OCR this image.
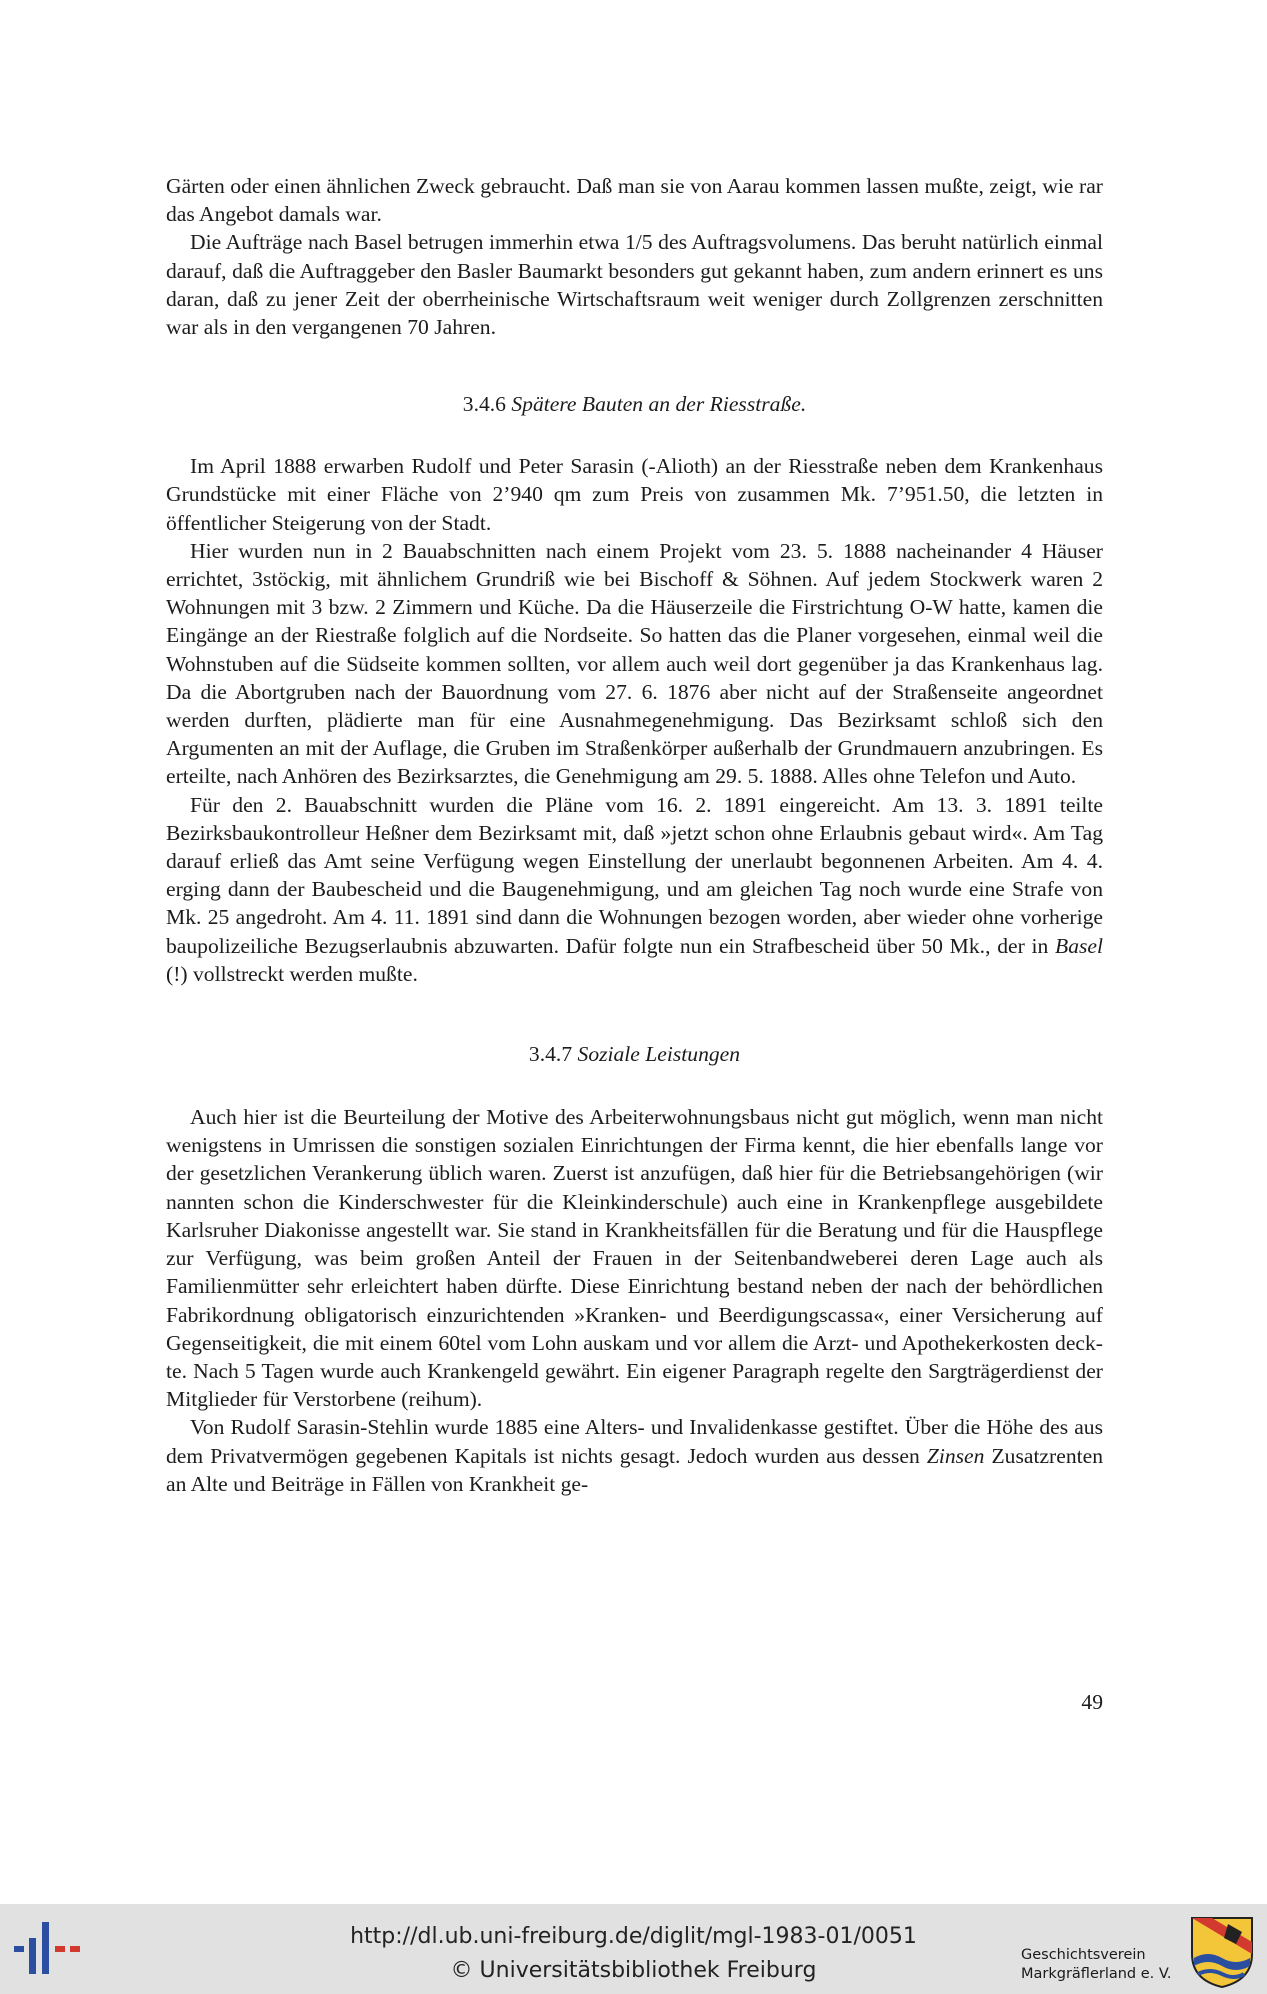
Gärten oder einen ähnlichen Zweck gebraucht. Daß man sie von Aarau kommen lassen mußte, zeigt, wie rar das Angebot damals war.

Die Aufträge nach Basel betrugen immerhin etwa 1/5 des Auftragsvolumens. Das beruht natürlich einmal darauf, daß die Auftraggeber den Basler Baumarkt besonders gut gekannt haben, zum andern erinnert es uns daran, daß zu jener Zeit der oberrheinische Wirtschaftsraum weit weniger durch Zollgrenzen zerschnitten war als in den vergangenen 70 Jahren.

3.4.6 Spätere Bauten an der Riesstraße.

Im April 1888 erwarben Rudolf und Peter Sarasin (-Alioth) an der Riesstraße neben dem Krankenhaus Grundstücke mit einer Fläche von 2’940 qm zum Preis von zusammen Mk. 7’951.50, die letzten in öffentlicher Steigerung von der Stadt.

Hier wurden nun in 2 Bauabschnitten nach einem Projekt vom 23. 5. 1888 nacheinander 4 Häuser errichtet, 3stöckig, mit ähnlichem Grundriß wie bei Bischoff & Söhnen. Auf jedem Stockwerk waren 2 Wohnungen mit 3 bzw. 2 Zimmern und Küche. Da die Häuserzeile die Firstrichtung O-W hatte, kamen die Eingänge an der Riestraße folglich auf die Nordseite. So hatten das die Planer vorgesehen, einmal weil die Wohnstuben auf die Südseite kommen sollten, vor allem auch weil dort gegenüber ja das Krankenhaus lag. Da die Abortgruben nach der Bauordnung vom 27. 6. 1876 aber nicht auf der Straßenseite angeordnet werden durften, plädierte man für eine Ausnahmegenehmigung. Das Bezirksamt schloß sich den Argumenten an mit der Auflage, die Gruben im Straßenkörper außerhalb der Grundmauern anzubringen. Es erteilte, nach Anhören des Bezirksarztes, die Genehmigung am 29. 5. 1888. Alles ohne Telefon und Auto.

Für den 2. Bauabschnitt wurden die Pläne vom 16. 2. 1891 eingereicht. Am 13. 3. 1891 teilte Bezirksbaukontrolleur Heßner dem Bezirksamt mit, daß »jetzt schon ohne Erlaubnis gebaut wird«. Am Tag darauf erließ das Amt seine Verfügung wegen Einstellung der unerlaubt begonnenen Arbeiten. Am 4. 4. erging dann der Baubescheid und die Baugenehmigung, und am gleichen Tag noch wurde eine Strafe von Mk. 25 angedroht. Am 4. 11. 1891 sind dann die Wohnungen bezogen worden, aber wieder ohne vorherige baupolizeiliche Bezugserlaubnis abzuwarten. Dafür folgte nun ein Strafbescheid über 50 Mk., der in Basel (!) vollstreckt werden mußte.

3.4.7 Soziale Leistungen

Auch hier ist die Beurteilung der Motive des Arbeiterwohnungsbaus nicht gut möglich, wenn man nicht wenigstens in Umrissen die sonstigen sozialen Einrichtungen der Firma kennt, die hier ebenfalls lange vor der gesetzlichen Verankerung üblich waren. Zuerst ist anzufügen, daß hier für die Betriebsangehörigen (wir nannten schon die Kinderschwester für die Kleinkinderschule) auch eine in Krankenpflege ausgebildete Karlsruher Diakonisse angestellt war. Sie stand in Krankheitsfällen für die Beratung und für die Hauspflege zur Verfügung, was beim großen Anteil der Frauen in der Seitenbandweberei deren Lage auch als Familienmütter sehr erleichtert haben dürfte. Diese Einrichtung bestand neben der nach der behördlichen Fabrikordnung obligatorisch einzurichtenden »Kranken- und Beerdigungscassa«, einer Versicherung auf Gegenseitigkeit, die mit einem 60tel vom Lohn auskam und vor allem die Arzt- und Apothekerkosten deckte. Nach 5 Tagen wurde auch Krankengeld gewährt. Ein eigener Paragraph regelte den Sargträgerdienst der Mitglieder für Verstorbene (reihum).

Von Rudolf Sarasin-Stehlin wurde 1885 eine Alters- und Invalidenkasse gestiftet. Über die Höhe des aus dem Privatvermögen gegebenen Kapitals ist nichts gesagt. Jedoch wurden aus dessen Zinsen Zusatzrenten an Alte und Beiträge in Fällen von Krankheit ge-

49
http://dl.ub.uni-freiburg.de/diglit/mgl-1983-01/0051
© Universitätsbibliothek Freiburg
Geschichtsverein
Markgräflerland e. V.
